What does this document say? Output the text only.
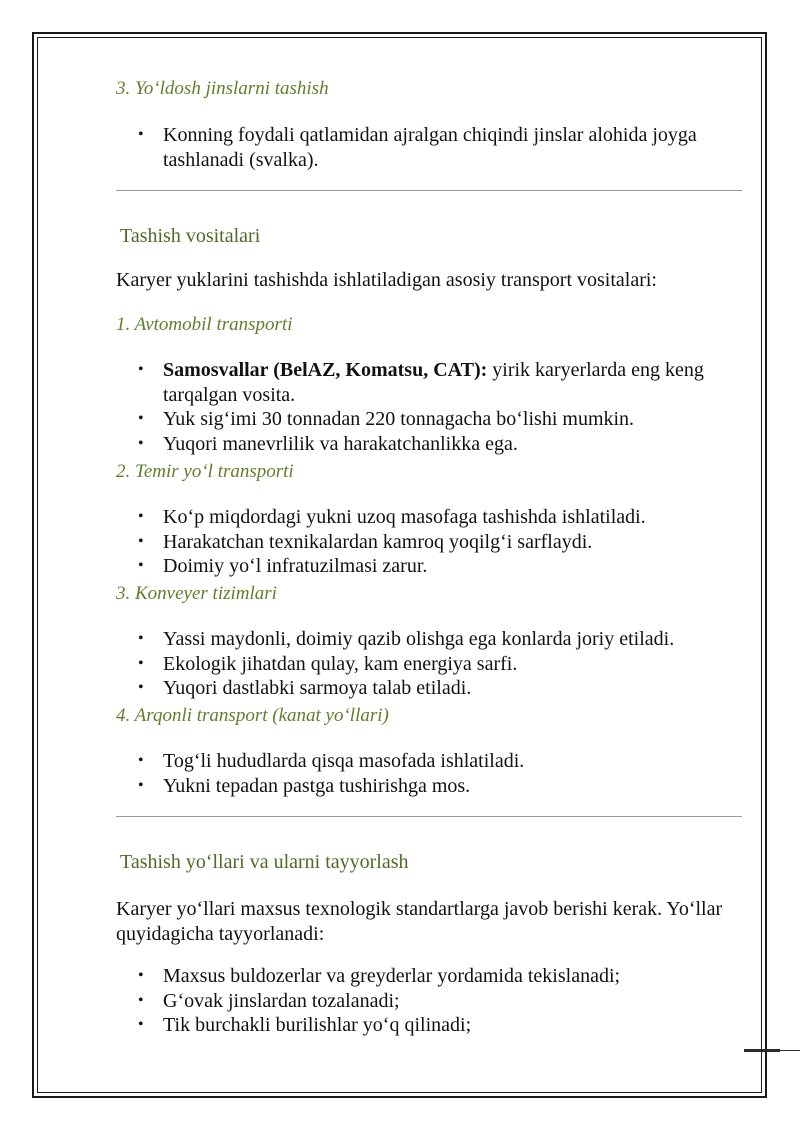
3. Yo‘ldosh jinslarni tashish
• Konning foydali qatlamidan ajralgan chiqindi jinslar alohida joyga tashlanadi (svalka).
Tashish vositalari
Karyer yuklarini tashishda ishlatiladigan asosiy transport vositalari:
1. Avtomobil transporti
• Samosvallar (BelAZ, Komatsu, CAT): yirik karyerlarda eng keng tarqalgan vosita.
• Yuk sig‘imi 30 tonnadan 220 tonnagacha bo‘lishi mumkin.
• Yuqori manevrlilik va harakatchanlikka ega.
2. Temir yo‘l transporti
• Ko‘p miqdordagi yukni uzoq masofaga tashishda ishlatiladi.
• Harakatchan texnikalardan kamroq yoqilg‘i sarflaydi.
• Doimiy yo‘l infratuzilmasi zarur.
3. Konveyer tizimlari
• Yassi maydonli, doimiy qazib olishga ega konlarda joriy etiladi.
• Ekologik jihatdan qulay, kam energiya sarfi.
• Yuqori dastlabki sarmoya talab etiladi.
4. Arqonli transport (kanat yo‘llari)
• Tog‘li hududlarda qisqa masofada ishlatiladi.
• Yukni tepadan pastga tushirishga mos.
Tashish yo‘llari va ularni tayyorlash
Karyer yo‘llari maxsus texnologik standartlarga javob berishi kerak. Yo‘llar quyidagicha tayyorlanadi:
• Maxsus buldozerlar va greyderlar yordamida tekislanadi;
• G‘ovak jinslardan tozalanadi;
• Tik burchakli burilishlar yo‘q qilinadi;
